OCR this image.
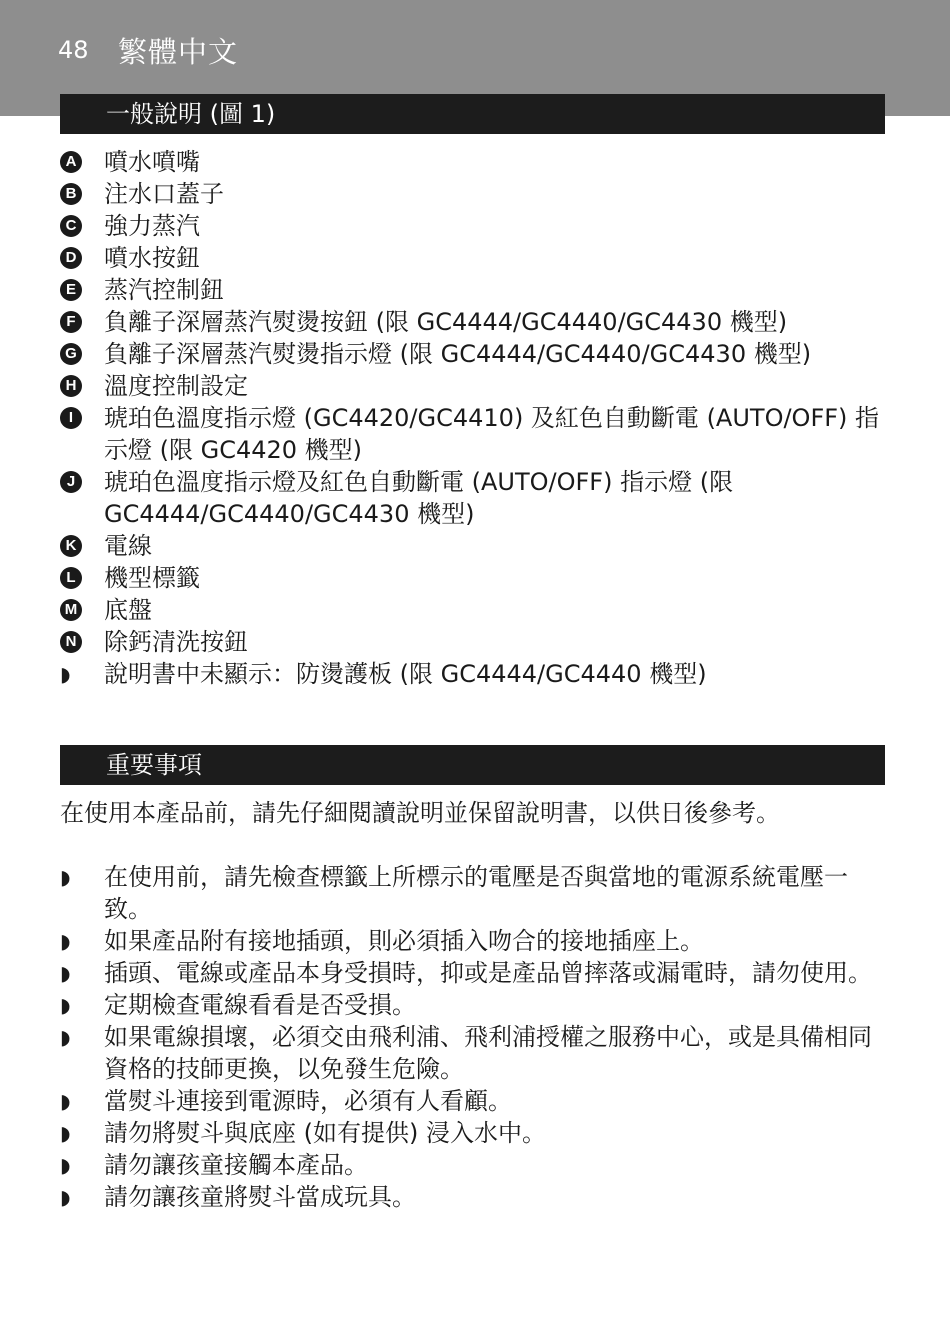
48 繁體中文
一般說明 (圖 1)
A 噴水噴嘴
B 注水口蓋子
C 強力蒸汽
D 噴水按鈕
E 蒸汽控制鈕
F 負離子深層蒸汽熨燙按鈕 (限 GC4444/GC4440/GC4430 機型)
G 負離子深層蒸汽熨燙指示燈 (限 GC4444/GC4440/GC4430 機型)
H 溫度控制設定
I	琥珀色溫度指示燈 (GC4420/GC4410) 及紅色自動斷電 (AUTO/OFF) 指示燈 (限 GC4420 機型)
J 琥珀色溫度指示燈及紅色自動斷電 (AUTO/OFF) 指示燈 (限 GC4444/GC4440/GC4430 機型)
K 電線
L 機型標籤
M 底盤
N 除鈣清洗按鈕
◗	說明書中未顯示：防燙護板 (限 GC4444/GC4440 機型)
重要事項

在使用本產品前，請先仔細閱讀說明並保留說明書，以供日後參考。

◗	在使用前，請先檢查標籤上所標示的電壓是否與當地的電源系統電壓一致。
◗	如果產品附有接地插頭，則必須插入吻合的接地插座上。
◗	插頭、電線或產品本身受損時，抑或是產品曾摔落或漏電時，請勿使用。
◗	定期檢查電線看看是否受損。
◗	如果電線損壞，必須交由飛利浦、飛利浦授權之服務中心，或是具備相同資格的技師更換，以免發生危險。
◗	當熨斗連接到電源時，必須有人看顧。
◗	請勿將熨斗與底座 (如有提供) 浸入水中。
◗	請勿讓孩童接觸本產品。
◗	請勿讓孩童將熨斗當成玩具。
